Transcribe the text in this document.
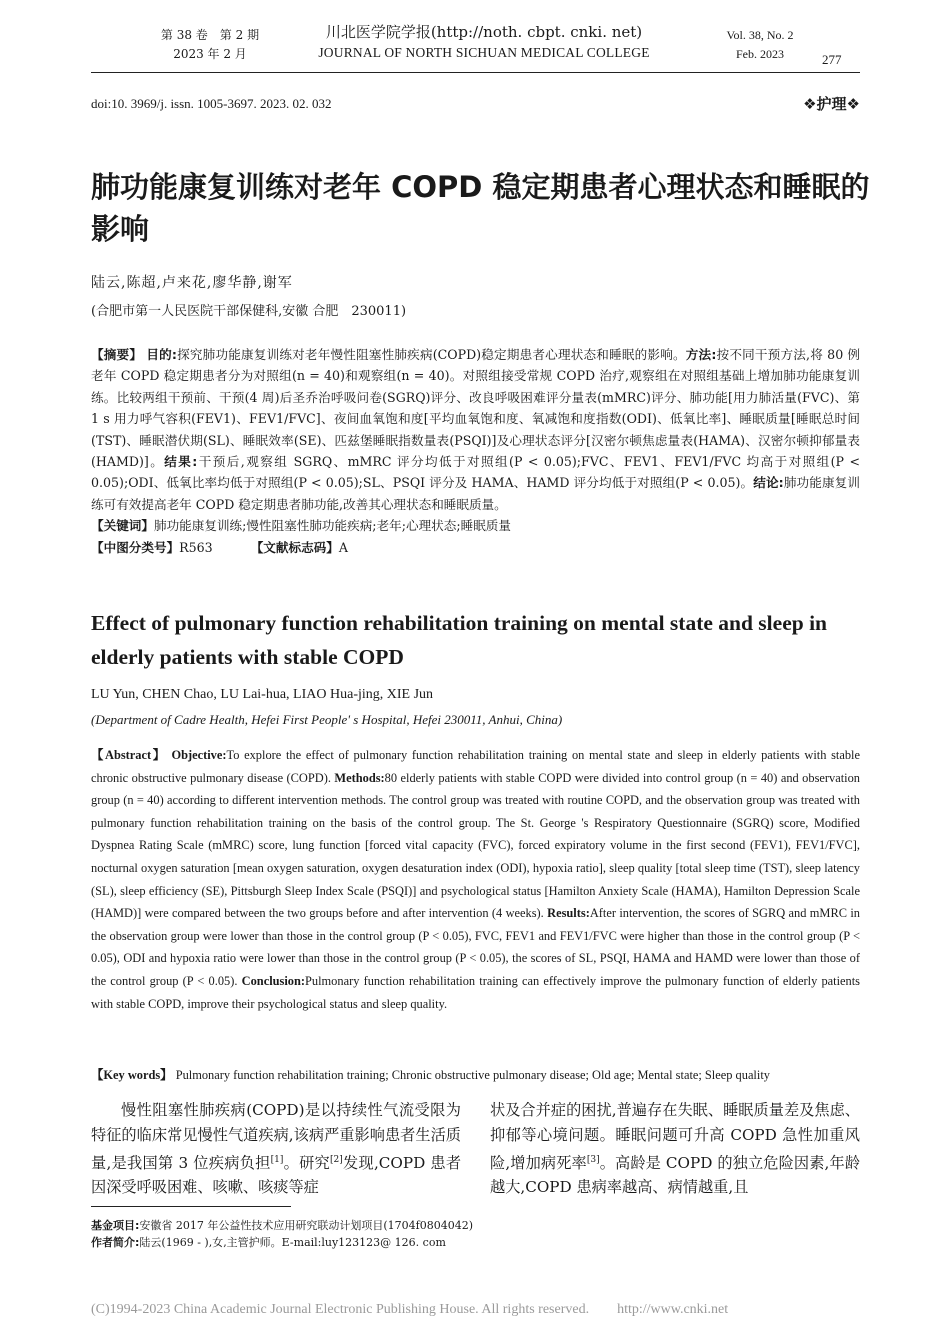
第 38 卷　第 2 期
2023 年 2 月
川北医学院学报(http://noth. cbpt. cnki. net)
JOURNAL OF NORTH SICHUAN MEDICAL COLLEGE
Vol. 38, No. 2
Feb. 2023	277
doi:10. 3969/j. issn. 1005-3697. 2023. 02. 032	❖护理❖
肺功能康复训练对老年 COPD 稳定期患者心理状态和睡眠的影响
陆云,陈超,卢来花,廖华静,谢军
(合肥市第一人民医院干部保健科,安徽 合肥　230011)

【摘要】 目的:探究肺功能康复训练对老年慢性阻塞性肺疾病(COPD)稳定期患者心理状态和睡眠的影响。方法:按不同干预方法,将 80 例老年 COPD 稳定期患者分为对照组(n = 40)和观察组(n = 40)。对照组接受常规 COPD 治疗,观察组在对照组基础上增加肺功能康复训练。比较两组干预前、干预(4 周)后圣乔治呼吸问卷(SGRQ)评分、改良呼吸困难评分量表(mMRC)评分、肺功能[用力肺活量(FVC)、第 1 s 用力呼气容积(FEV1)、FEV1/FVC]、夜间血氧饱和度[平均血氧饱和度、氧减饱和度指数(ODI)、低氧比率]、睡眠质量[睡眠总时间(TST)、睡眠潜伏期(SL)、睡眠效率(SE)、匹兹堡睡眠指数量表(PSQI)]及心理状态评分[汉密尔顿焦虑量表(HAMA)、汉密尔顿抑郁量表(HAMD)]。结果:干预后,观察组 SGRQ、mMRC 评分均低于对照组(P < 0.05);FVC、FEV1、FEV1/FVC 均高于对照组(P < 0.05);ODI、低氧比率均低于对照组(P < 0.05);SL、PSQI 评分及 HAMA、HAMD 评分均低于对照组(P < 0.05)。结论:肺功能康复训练可有效提高老年 COPD 稳定期患者肺功能,改善其心理状态和睡眠质量。

【关键词】肺功能康复训练;慢性阻塞性肺功能疾病;老年;心理状态;睡眠质量

【中图分类号】R563	【文献标志码】A

Effect of pulmonary function rehabilitation training on mental state and sleep in elderly patients with stable COPD
LU Yun, CHEN Chao, LU Lai-hua, LIAO Hua-jing, XIE Jun
(Department of Cadre Health, Hefei First People' s Hospital, Hefei 230011, Anhui, China)
【Abstract】 Objective:To explore the effect of pulmonary function rehabilitation training on mental state and sleep in elderly patients with stable chronic obstructive pulmonary disease (COPD). Methods:80 elderly patients with stable COPD were divided into control group (n = 40) and observation group (n = 40) according to different intervention methods. The control group was treated with routine COPD, and the observation group was treated with pulmonary function rehabilitation training on the basis of the control group. The St. George 's Respiratory Questionnaire (SGRQ) score, Modified Dyspnea Rating Scale (mMRC) score, lung function [forced vital capacity (FVC), forced expiratory volume in the first second (FEV1), FEV1/FVC], nocturnal oxygen saturation [mean oxygen saturation, oxygen desaturation index (ODI), hypoxia ratio], sleep quality [total sleep time (TST), sleep latency (SL), sleep efficiency (SE), Pittsburgh Sleep Index Scale (PSQI)] and psychological status [Hamilton Anxiety Scale (HAMA), Hamilton Depression Scale (HAMD)] were compared between the two groups before and after intervention (4 weeks). Results:After intervention, the scores of SGRQ and mMRC in the observation group were lower than those in the control group (P < 0.05), FVC, FEV1 and FEV1/FVC were higher than those in the control group (P < 0.05), ODI and hypoxia ratio were lower than those in the control group (P < 0.05), the scores of SL, PSQI, HAMA and HAMD were lower than those of the control group (P < 0.05). Conclusion:Pulmonary function rehabilitation training can effectively improve the pulmonary function of elderly patients with stable COPD, improve their psychological status and sleep quality.
【Key words】 Pulmonary function rehabilitation training; Chronic obstructive pulmonary disease; Old age; Mental state; Sleep quality
慢性阻塞性肺疾病(COPD)是以持续性气流受限为特征的临床常见慢性气道疾病,该病严重影响患者生活质量,是我国第 3 位疾病负担[1]。研究[2]发现,COPD 患者因深受呼吸困难、咳嗽、咳痰等症
状及合并症的困扰,普遍存在失眠、睡眠质量差及焦虑、抑郁等心境问题。睡眠问题可升高 COPD 急性加重风险,增加病死率[3]。高龄是 COPD 的独立危险因素,年龄越大,COPD 患病率越高、病情越重,且
基金项目:安徽省 2017 年公益性技术应用研究联动计划项目(1704f0804042)
作者简介:陆云(1969 - ),女,主管护师。E-mail:luy123123@ 126. com
(C)1994-2023 China Academic Journal Electronic Publishing House. All rights reserved.　　http://www.cnki.net
